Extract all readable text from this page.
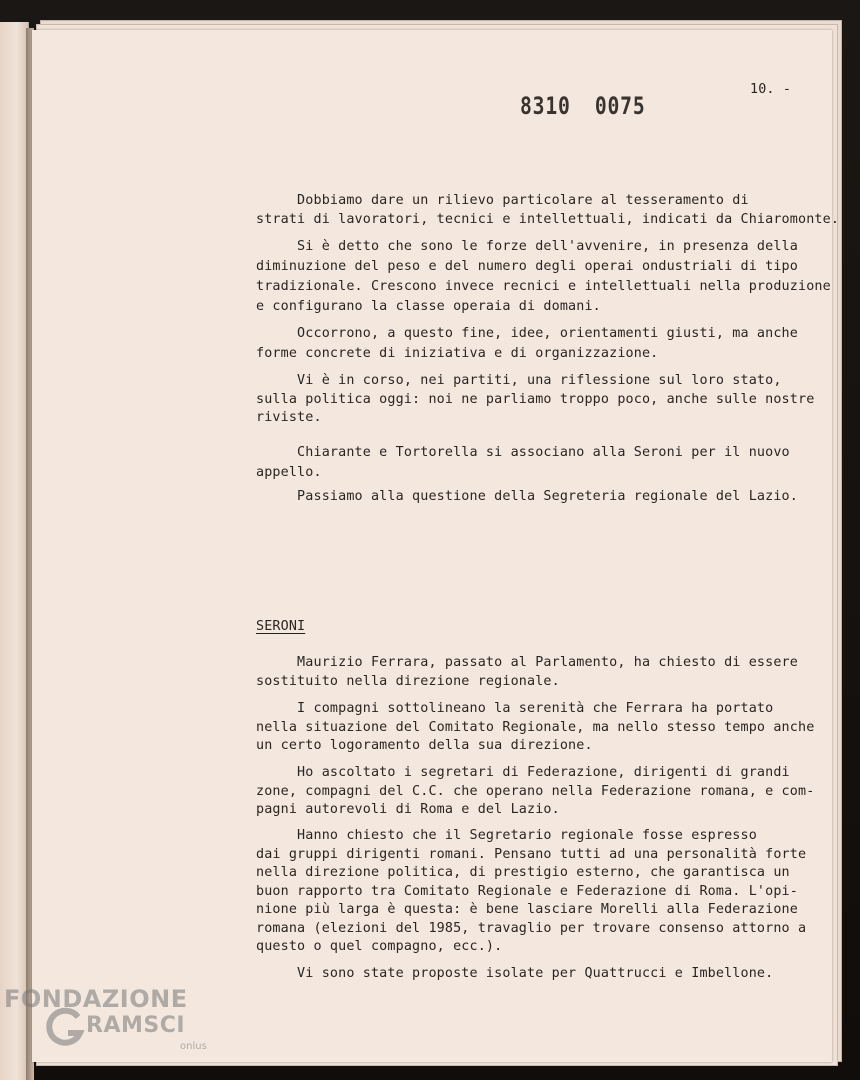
10. -
8310 0075
Dobbiamo dare un rilievo particolare al tesseramento di
strati di lavoratori, tecnici e intellettuali, indicati da Chiaromonte.
Si è detto che sono le forze dell'avvenire, in presenza della
diminuzione del peso e del numero degli operai ondustriali di tipo
tradizionale. Crescono invece recnici e intellettuali nella produzione
e configurano la classe operaia di domani.
Occorrono, a questo fine, idee, orientamenti giusti, ma anche
forme concrete di iniziativa e di organizzazione.
Vi è in corso, nei partiti, una riflessione sul loro stato,
sulla politica oggi: noi ne parliamo troppo poco, anche sulle nostre
riviste.
Chiarante e Tortorella si associano alla Seroni per il nuovo
appello.
Passiamo alla questione della Segreteria regionale del Lazio.
SERONI
Maurizio Ferrara, passato al Parlamento, ha chiesto di essere
sostituito nella direzione regionale.
I compagni sottolineano la serenità che Ferrara ha portato
nella situazione del Comitato Regionale, ma nello stesso tempo anche
un certo logoramento della sua direzione.
Ho ascoltato i segretari di Federazione, dirigenti di grandi
zone, compagni del C.C. che operano nella Federazione romana, e com-
pagni autorevoli di Roma e del Lazio.
Hanno chiesto che il Segretario regionale fosse espresso
dai gruppi dirigenti romani. Pensano tutti ad una personalità forte
nella direzione politica, di prestigio esterno, che garantisca un
buon rapporto tra Comitato Regionale e Federazione di Roma. L'opi-
nione più larga è questa: è bene lasciare Morelli alla Federazione
romana (elezioni del 1985, travaglio per trovare consenso attorno a
questo o quel compagno, ecc.).
Vi sono state proposte isolate per Quattrucci e Imbellone.
FONDAZIONE
RAMSCI
onlus
